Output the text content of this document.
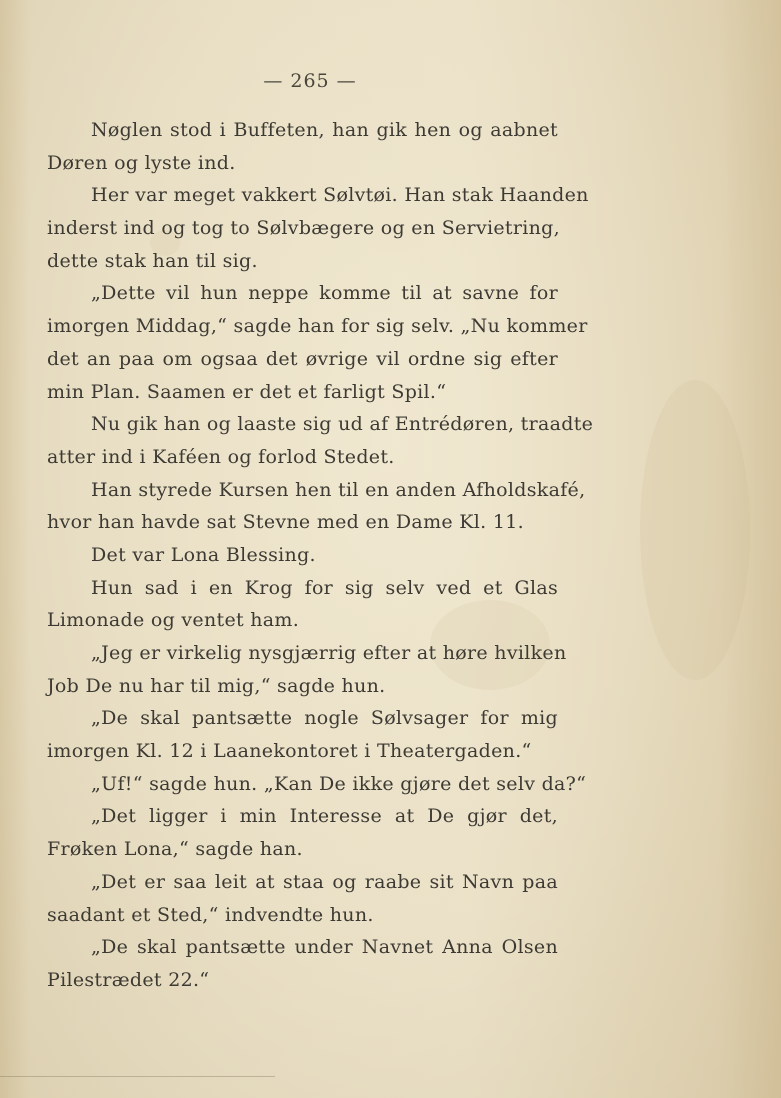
— 265 —
Nøglen stod i Buffeten, han gik hen og aabnet
Døren og lyste ind.
Her var meget vakkert Sølvtøi. Han stak Haanden
inderst ind og tog to Sølvbægere og en Servietring,
dette stak han til sig.
„Dette vil hun neppe komme til at savne for
imorgen Middag,“ sagde han for sig selv. „Nu kommer
det an paa om ogsaa det øvrige vil ordne sig efter
min Plan. Saamen er det et farligt Spil.“
Nu gik han og laaste sig ud af Entrédøren, traadte
atter ind i Kaféen og forlod Stedet.
Han styrede Kursen hen til en anden Afholdskafé,
hvor han havde sat Stevne med en Dame Kl. 11.
Det var Lona Blessing.
Hun sad i en Krog for sig selv ved et Glas
Limonade og ventet ham.
„Jeg er virkelig nysgjærrig efter at høre hvilken
Job De nu har til mig,“ sagde hun.
„De skal pantsætte nogle Sølvsager for mig
imorgen Kl. 12 i Laanekontoret i Theatergaden.“
„Uf!“ sagde hun. „Kan De ikke gjøre det selv da?“
„Det ligger i min Interesse at De gjør det,
Frøken Lona,“ sagde han.
„Det er saa leit at staa og raabe sit Navn paa
saadant et Sted,“ indvendte hun.
„De skal pantsætte under Navnet Anna Olsen
Pilestrædet 22.“
